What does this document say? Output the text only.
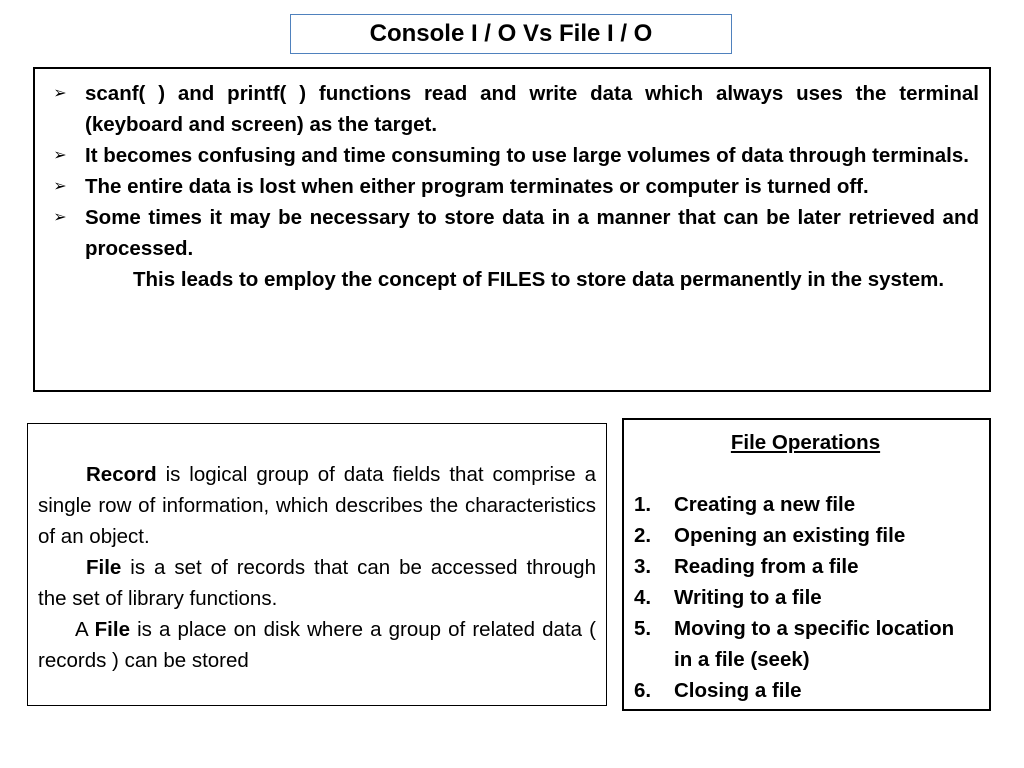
Console I / O Vs File I / O
➢ scanf( ) and printf( ) functions read and write data which always uses the terminal (keyboard and screen) as the target.
➢ It becomes confusing and time consuming to use large volumes of data through terminals.
➢ The entire data is lost when either program terminates or computer is turned off.
➢ Some times it may be necessary to store data in a manner that can be later retrieved and processed.
This leads to employ the concept of FILES to store data permanently in the system.
Record is logical group of data fields that comprise a single row of information, which describes the characteristics of an object.
File is a set of records that can be accessed through the set of library functions.
A File is a place on disk where a group of related data ( records ) can be stored
File Operations
1.	Creating a new file
2.	Opening an existing file
3.	Reading from a file
4.	Writing to a file
5.	Moving to a specific location in a file (seek)
6.	Closing a file
